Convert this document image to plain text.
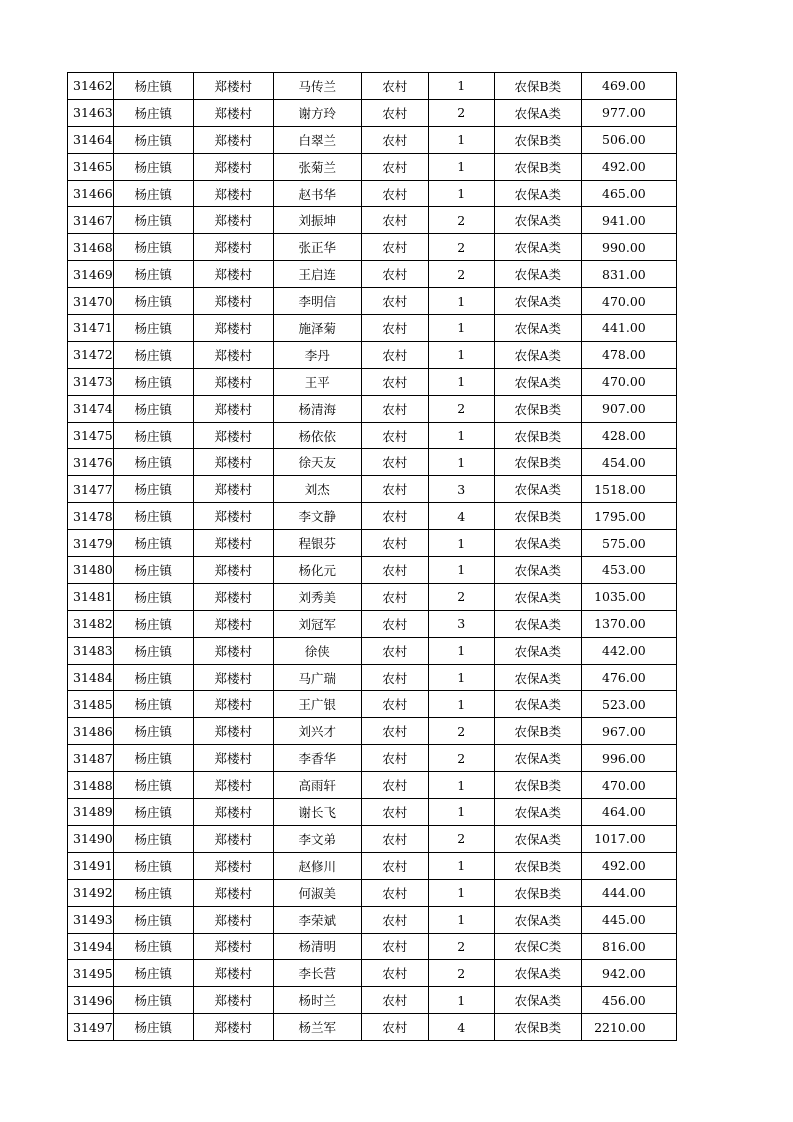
31462	杨庄镇	郑楼村	马传兰	农村	1	农保B类	469.00
31463	杨庄镇	郑楼村	谢方玲	农村	2	农保A类	977.00
31464	杨庄镇	郑楼村	白翠兰	农村	1	农保B类	506.00
31465	杨庄镇	郑楼村	张菊兰	农村	1	农保B类	492.00
31466	杨庄镇	郑楼村	赵书华	农村	1	农保A类	465.00
31467	杨庄镇	郑楼村	刘振坤	农村	2	农保A类	941.00
31468	杨庄镇	郑楼村	张正华	农村	2	农保A类	990.00
31469	杨庄镇	郑楼村	王启连	农村	2	农保A类	831.00
31470	杨庄镇	郑楼村	李明信	农村	1	农保A类	470.00
31471	杨庄镇	郑楼村	施泽菊	农村	1	农保A类	441.00
31472	杨庄镇	郑楼村	李丹	农村	1	农保A类	478.00
31473	杨庄镇	郑楼村	王平	农村	1	农保A类	470.00
31474	杨庄镇	郑楼村	杨清海	农村	2	农保B类	907.00
31475	杨庄镇	郑楼村	杨依依	农村	1	农保B类	428.00
31476	杨庄镇	郑楼村	徐天友	农村	1	农保B类	454.00
31477	杨庄镇	郑楼村	刘杰	农村	3	农保A类	1518.00
31478	杨庄镇	郑楼村	李文静	农村	4	农保B类	1795.00
31479	杨庄镇	郑楼村	程银芬	农村	1	农保A类	575.00
31480	杨庄镇	郑楼村	杨化元	农村	1	农保A类	453.00
31481	杨庄镇	郑楼村	刘秀美	农村	2	农保A类	1035.00
31482	杨庄镇	郑楼村	刘冠军	农村	3	农保A类	1370.00
31483	杨庄镇	郑楼村	徐侠	农村	1	农保A类	442.00
31484	杨庄镇	郑楼村	马广瑞	农村	1	农保A类	476.00
31485	杨庄镇	郑楼村	王广银	农村	1	农保A类	523.00
31486	杨庄镇	郑楼村	刘兴才	农村	2	农保B类	967.00
31487	杨庄镇	郑楼村	李香华	农村	2	农保A类	996.00
31488	杨庄镇	郑楼村	高雨轩	农村	1	农保B类	470.00
31489	杨庄镇	郑楼村	谢长飞	农村	1	农保A类	464.00
31490	杨庄镇	郑楼村	李文弟	农村	2	农保A类	1017.00
31491	杨庄镇	郑楼村	赵修川	农村	1	农保B类	492.00
31492	杨庄镇	郑楼村	何淑美	农村	1	农保B类	444.00
31493	杨庄镇	郑楼村	李荣斌	农村	1	农保A类	445.00
31494	杨庄镇	郑楼村	杨清明	农村	2	农保C类	816.00
31495	杨庄镇	郑楼村	李长营	农村	2	农保A类	942.00
31496	杨庄镇	郑楼村	杨时兰	农村	1	农保A类	456.00
31497	杨庄镇	郑楼村	杨兰军	农村	4	农保B类	2210.00
